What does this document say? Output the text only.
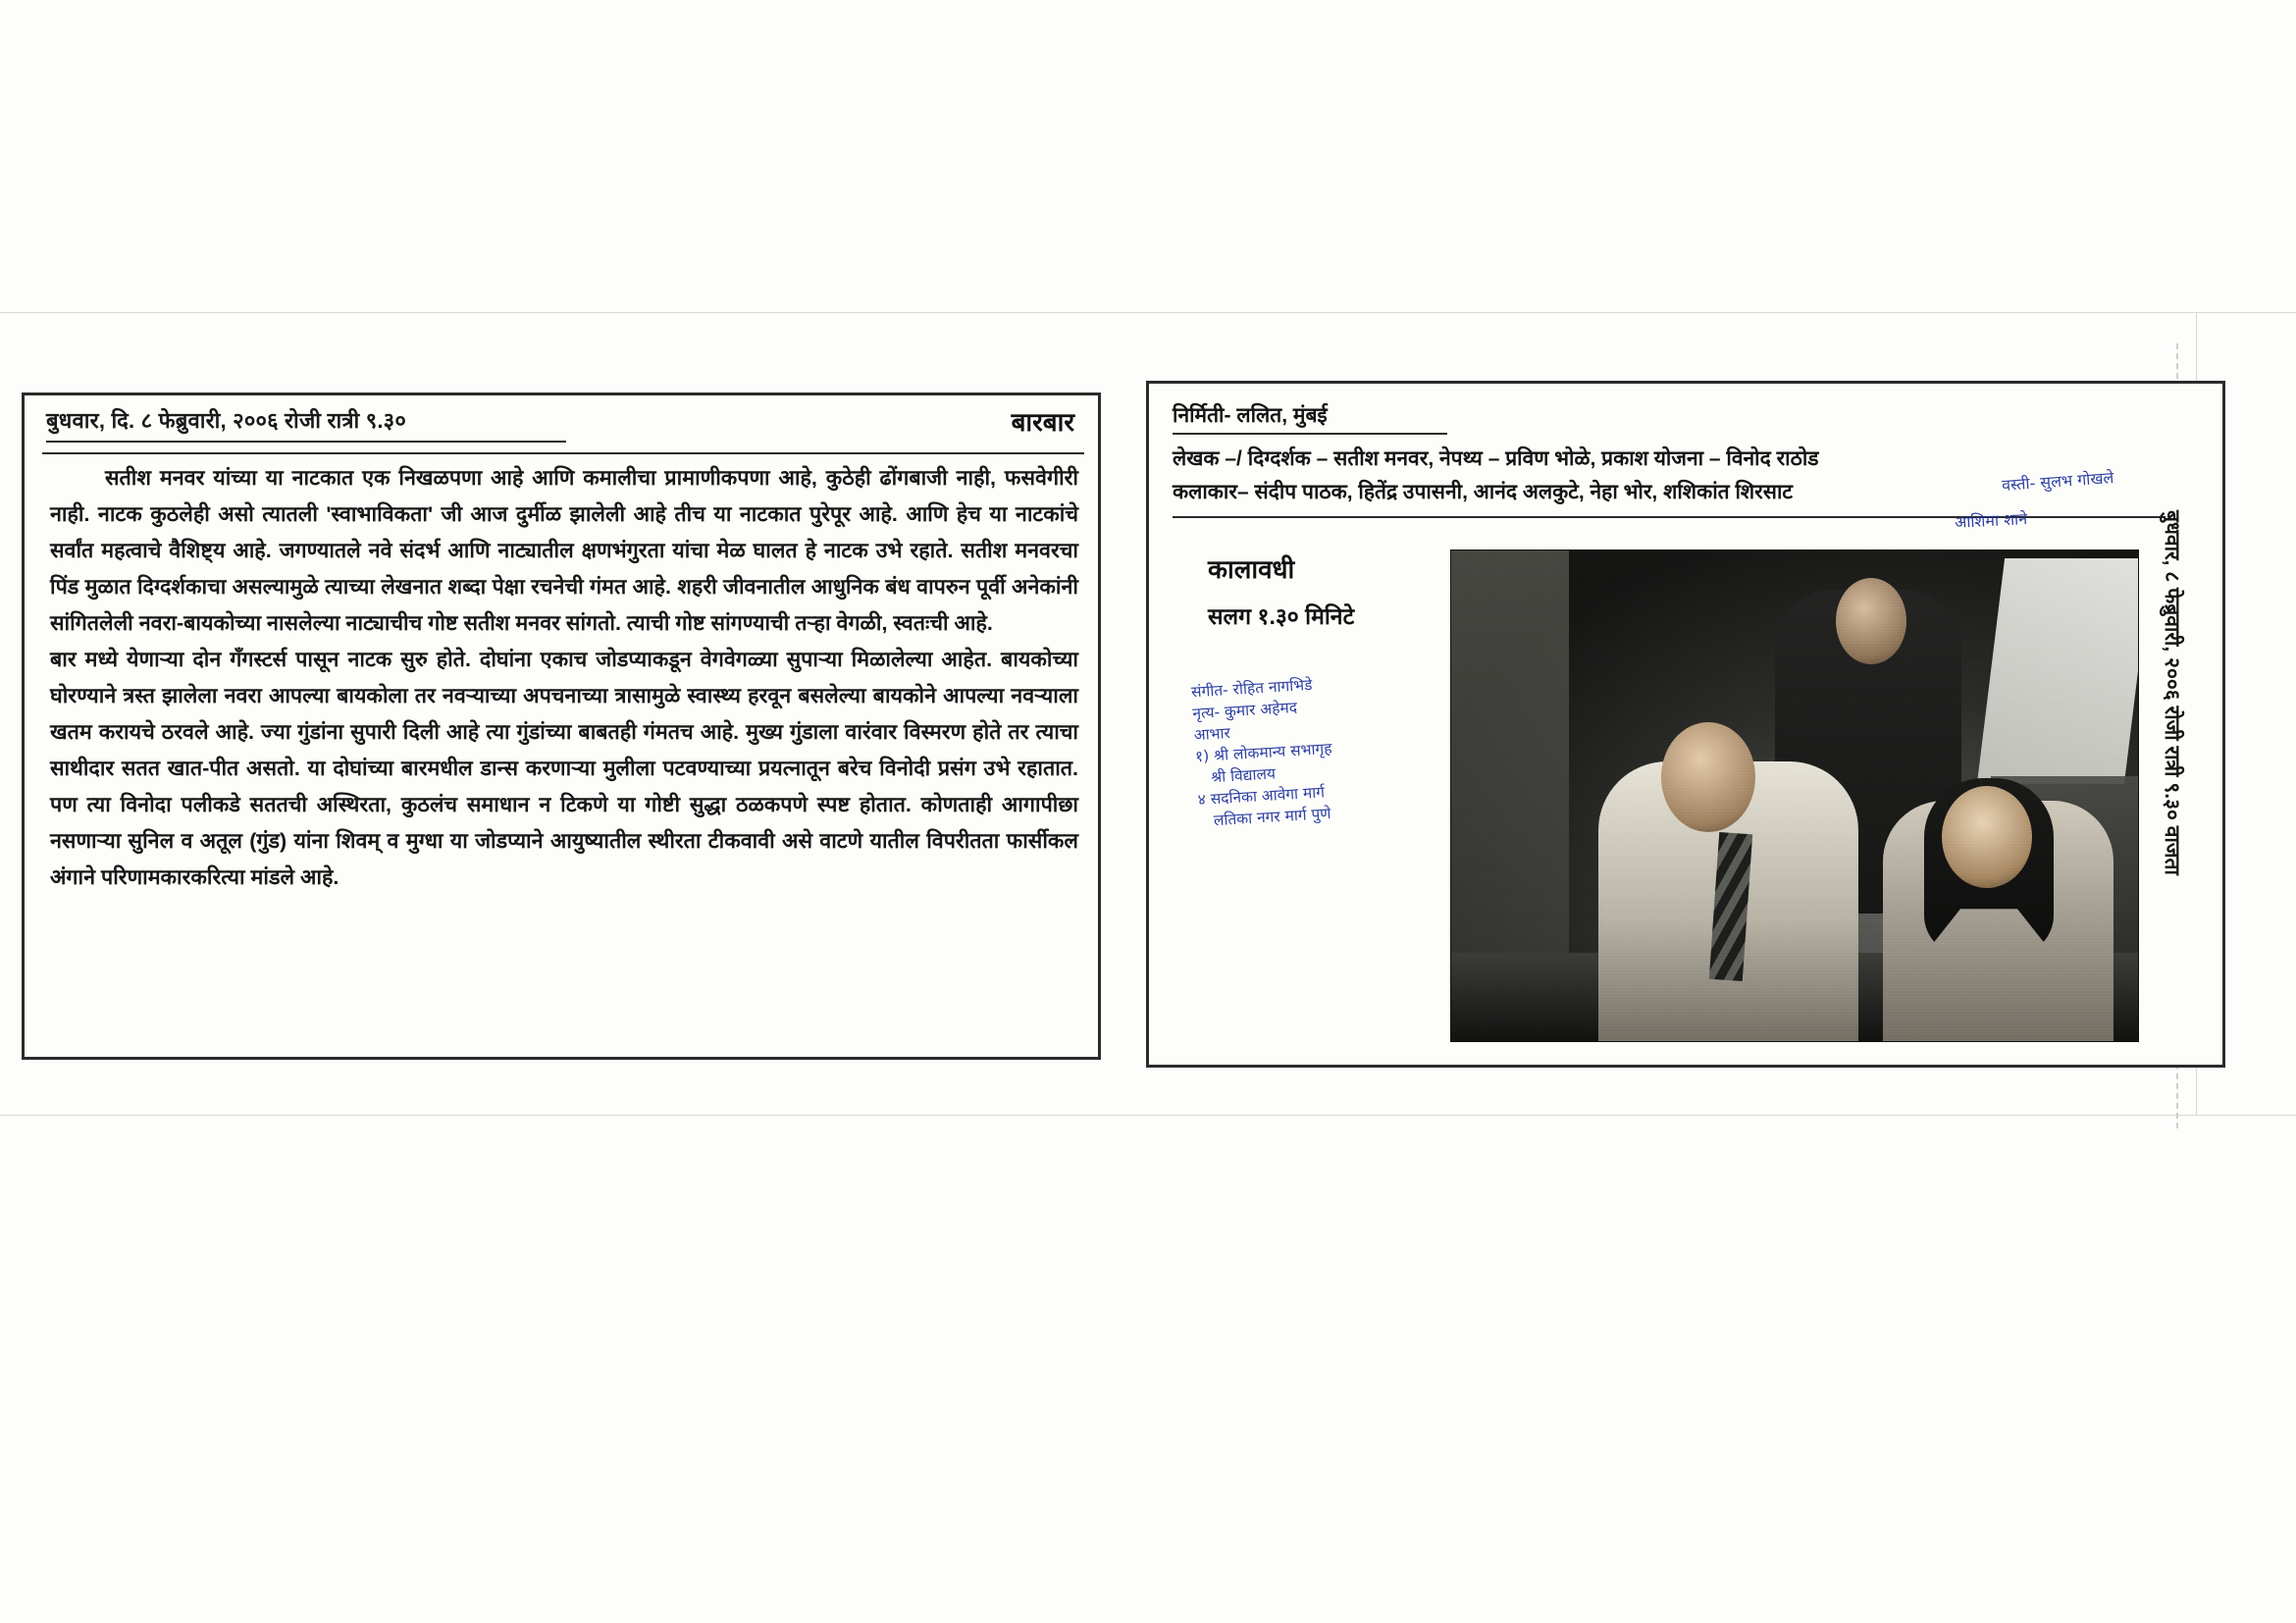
बुधवार, दि. ८ फेब्रुवारी, २००६ रोजी रात्री ९.३०	बारबार

सतीश मनवर यांच्या या नाटकात एक निखळपणा आहे आणि कमालीचा प्रामाणीकपणा आहे, कुठेही ढोंगबाजी नाही, फसवेगीरी नाही. नाटक कुठलेही असो त्यातली 'स्वाभाविकता' जी आज दुर्मीळ झालेली आहे तीच या नाटकात पुरेपूर आहे. आणि हेच या नाटकांचे सर्वांत महत्वाचे वैशिष्ट्य आहे. जगण्यातले नवे संदर्भ आणि नाट्यातील क्षणभंगुरता यांचा मेळ घालत हे नाटक उभे रहाते. सतीश मनवरचा पिंड मुळात दिग्दर्शकाचा असल्यामुळे त्याच्या लेखनात शब्दा पेक्षा रचनेची गंमत आहे. शहरी जीवनातील आधुनिक बंध वापरुन पूर्वी अनेकांनी सांगितलेली नवरा-बायकोच्या नासलेल्या नाट्याचीच गोष्ट सतीश मनवर सांगतो. त्याची गोष्ट सांगण्याची तऱ्हा वेगळी, स्वतःची आहे.

बार मध्ये येणाऱ्या दोन गँगस्टर्स पासून नाटक सुरु होते. दोघांना एकाच जोडप्याकडून वेगवेगळ्या सुपाऱ्या मिळालेल्या आहेत. बायकोच्या घोरण्याने त्रस्त झालेला नवरा आपल्या बायकोला तर नवऱ्याच्या अपचनाच्या त्रासामुळे स्वास्थ्य हरवून बसलेल्या बायकोने आपल्या नवऱ्याला खतम करायचे ठरवले आहे. ज्या गुंडांना सुपारी दिली आहे त्या गुंडांच्या बाबतही गंमतच आहे. मुख्य गुंडाला वारंवार विस्मरण होते तर त्याचा साथीदार सतत खात-पीत असतो. या दोघांच्या बारमधील डान्स करणाऱ्या मुलीला पटवण्याच्या प्रयत्नातून बरेच विनोदी प्रसंग उभे रहातात. पण त्या विनोदा पलीकडे सततची अस्थिरता, कुठलंच समाधान न टिकणे या गोष्टी सुद्धा ठळकपणे स्पष्ट होतात. कोणताही आगापीछा नसणाऱ्या सुनिल व अतूल (गुंड) यांना शिवम् व मुग्धा या जोडप्याने आयुष्यातील स्थीरता टीकवावी असे वाटणे यातील विपरीतता फार्सीकल अंगाने परिणामकारकरित्या मांडले आहे.

निर्मिती- ललित, मुंबई
लेखक –/ दिग्दर्शक – सतीश मनवर, नेपथ्य – प्रविण भोळे, प्रकाश योजना – विनोद राठोड
कलाकार– संदीप पाठक, हितेंद्र उपासनी, आनंद अलकुटे, नेहा भोर, शशिकांत शिरसाट
कालावधी
सलग १.३० मिनिटे
वस्ती- सुलभ गोखले
आशिमा शाने
संगीत- रोहित नागभिडे
नृत्य- कुमार अहेमद
आभार
१) श्री लोकमान्य सभागृह
श्री विद्यालय
४ सदनिका आवेगा मार्ग
लतिका नगर मार्ग पुणे	बुधवार, ८ फेब्रुवारी, २००६ रोजी रात्री ९.३० वाजता
